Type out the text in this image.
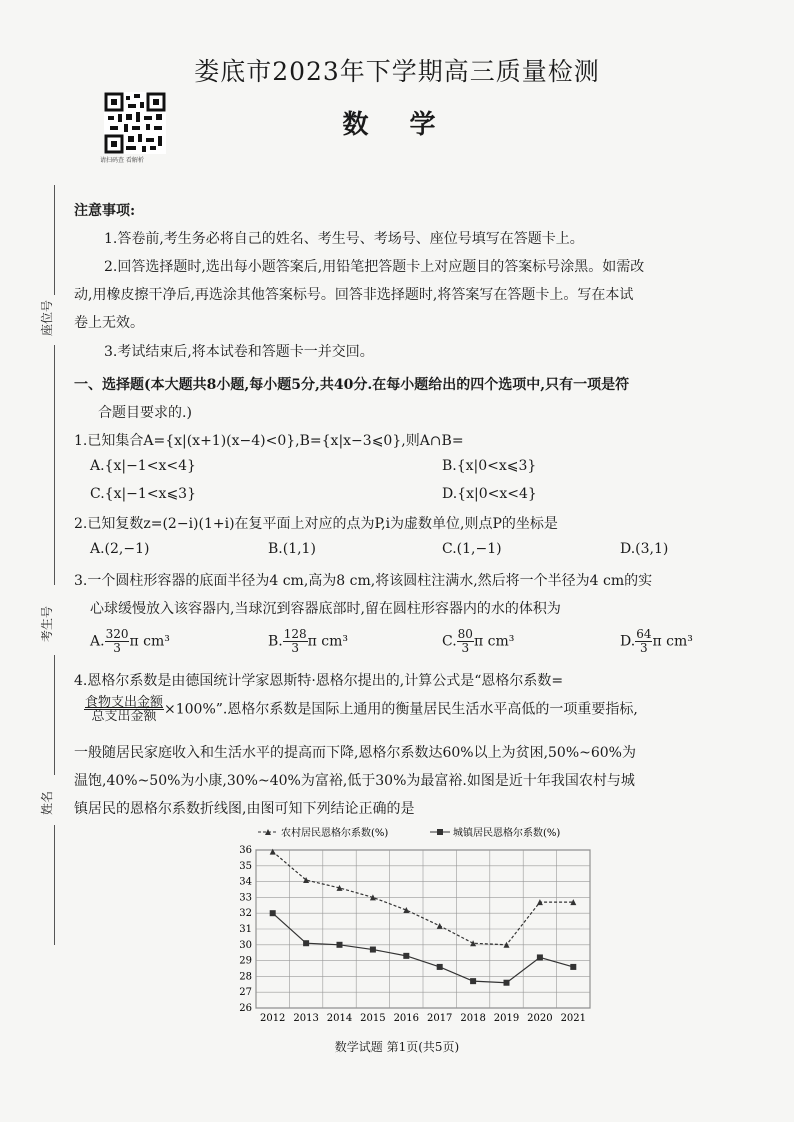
娄底市2023年下学期高三质量检测
数 学
请扫码查 看解析
座位号
考生号
姓名
注意事项:
1.答卷前,考生务必将自己的姓名、考生号、考场号、座位号填写在答题卡上。
2.回答选择题时,选出每小题答案后,用铅笔把答题卡上对应题目的答案标号涂黑。如需改
动,用橡皮擦干净后,再选涂其他答案标号。回答非选择题时,将答案写在答题卡上。写在本试
卷上无效。
3.考试结束后,将本试卷和答题卡一并交回。
一、选择题(本大题共8小题,每小题5分,共40分.在每小题给出的四个选项中,只有一项是符
合题目要求的.)
1.已知集合A={x|(x+1)(x−4)<0},B={x|x−3⩽0},则A∩B=
A.{x|−1<x<4}	B.{x|0<x⩽3}
C.{x|−1<x⩽3}	D.{x|0<x<4}
2.已知复数z=(2−i)(1+i)在复平面上对应的点为P,i为虚数单位,则点P的坐标是
A.(2,−1)	B.(1,1)	C.(1,−1)	D.(3,1)
3.一个圆柱形容器的底面半径为4 cm,高为8 cm,将该圆柱注满水,然后将一个半径为4 cm的实
心球缓慢放入该容器内,当球沉到容器底部时,留在圆柱形容器内的水的体积为
A. $\frac{320}{3}$ π cm³	B. $\frac{128}{3}$ π cm³	C. $\frac{80}{3}$ π cm³	D. $\frac{64}{3}$ π cm³
4.恩格尔系数是由德国统计学家恩斯特·恩格尔提出的,计算公式是“恩格尔系数=
$\frac{\text{食物支出金额}}{\text{总支出金额}} \times 100\%$”.恩格尔系数是国际上通用的衡量居民生活水平高低的一项重要指标,
一般随居民家庭收入和生活水平的提高而下降,恩格尔系数达60%以上为贫困,50%~60%为
温饱,40%~50%为小康,30%~40%为富裕,低于30%为最富裕.如图是近十年我国农村与城
镇居民的恩格尔系数折线图,由图可知下列结论正确的是
农村居民恩格尔系数(%)	城镇居民恩格尔系数(%)
26
27
28
29
30
31
32
33
34
35
36
2012 2013 2014 2015 2016 2017 2018 2019 2020 2021
数学试题 第1页(共5页)
